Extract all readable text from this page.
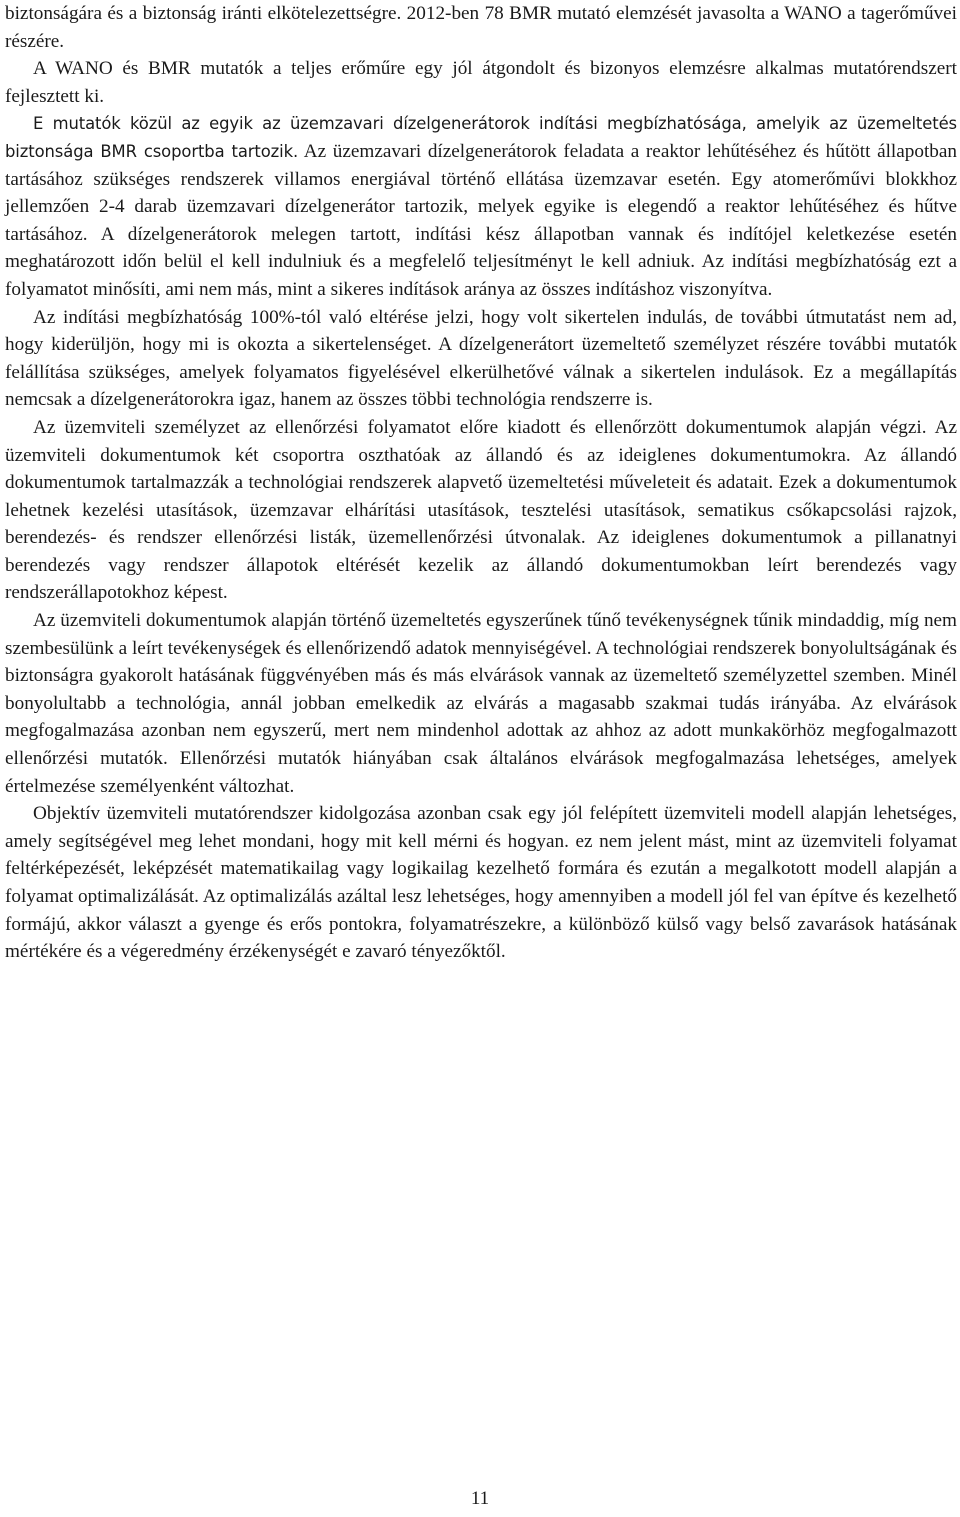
biztonságára és a biztonság iránti elkötelezettségre. 2012-ben 78 BMR mutató elemzését javasolta a WANO a tagerőművei részére.

A WANO és BMR mutatók a teljes erőműre egy jól átgondolt és bizonyos elemzésre alkalmas mutatórendszert fejlesztett ki.

E mutatók közül az egyik az üzemzavari dízelgenerátorok indítási megbízhatósága, amelyik az üzemeltetés biztonsága BMR csoportba tartozik. Az üzemzavari dízelgenerátorok feladata a reaktor lehűtéséhez és hűtött állapotban tartásához szükséges rendszerek villamos energiával történő ellátása üzemzavar esetén. Egy atomerőművi blokkhoz jellemzően 2-4 darab üzemzavari dízelgenerátor tartozik, melyek egyike is elegendő a reaktor lehűtéséhez és hűtve tartásához. A dízelgenerátorok melegen tartott, indítási kész állapotban vannak és indítójel keletkezése esetén meghatározott időn belül el kell indulniuk és a megfelelő teljesítményt le kell adniuk. Az indítási megbízhatóság ezt a folyamatot minősíti, ami nem más, mint a sikeres indítások aránya az összes indításhoz viszonyítva.

Az indítási megbízhatóság 100%-tól való eltérése jelzi, hogy volt sikertelen indulás, de további útmutatást nem ad, hogy kiderüljön, hogy mi is okozta a sikertelenséget. A dízelgenerátort üzemeltető személyzet részére további mutatók felállítása szükséges, amelyek folyamatos figyelésével elkerülhetővé válnak a sikertelen indulások. Ez a megállapítás nemcsak a dízelgenerátorokra igaz, hanem az összes többi technológia rendszerre is.

Az üzemviteli személyzet az ellenőrzési folyamatot előre kiadott és ellenőrzött dokumentumok alapján végzi. Az üzemviteli dokumentumok két csoportra oszthatóak az állandó és az ideiglenes dokumentumokra. Az állandó dokumentumok tartalmazzák a technológiai rendszerek alapvető üzemeltetési műveleteit és adatait. Ezek a dokumentumok lehetnek kezelési utasítások, üzemzavar elhárítási utasítások, tesztelési utasítások, sematikus csőkapcsolási rajzok, berendezés- és rendszer ellenőrzési listák, üzemellenőrzési útvonalak. Az ideiglenes dokumentumok a pillanatnyi berendezés vagy rendszer állapotok eltérését kezelik az állandó dokumentumokban leírt berendezés vagy rendszerállapotokhoz képest.

Az üzemviteli dokumentumok alapján történő üzemeltetés egyszerűnek tűnő tevékenységnek tűnik mindaddig, míg nem szembesülünk a leírt tevékenységek és ellenőrizendő adatok mennyiségével. A technológiai rendszerek bonyolultságának és biztonságra gyakorolt hatásának függvényében más és más elvárások vannak az üzemeltető személyzettel szemben. Minél bonyolultabb a technológia, annál jobban emelkedik az elvárás a magasabb szakmai tudás irányába. Az elvárások megfogalmazása azonban nem egyszerű, mert nem mindenhol adottak az ahhoz az adott munkakörhöz megfogalmazott ellenőrzési mutatók. Ellenőrzési mutatók hiányában csak általános elvárások megfogalmazása lehetséges, amelyek értelmezése személyenként változhat.

Objektív üzemviteli mutatórendszer kidolgozása azonban csak egy jól felépített üzemviteli modell alapján lehetséges, amely segítségével meg lehet mondani, hogy mit kell mérni és hogyan. ez nem jelent mást, mint az üzemviteli folyamat feltérképezését, leképzését matematikailag vagy logikailag kezelhető formára és ezután a megalkotott modell alapján a folyamat optimalizálását. Az optimalizálás azáltal lesz lehetséges, hogy amennyiben a modell jól fel van építve és kezelhető formájú, akkor választ a gyenge és erős pontokra, folyamatrészekre, a különböző külső vagy belső zavarások hatásának mértékére és a végeredmény érzékenységét e zavaró tényezőktől.

11
